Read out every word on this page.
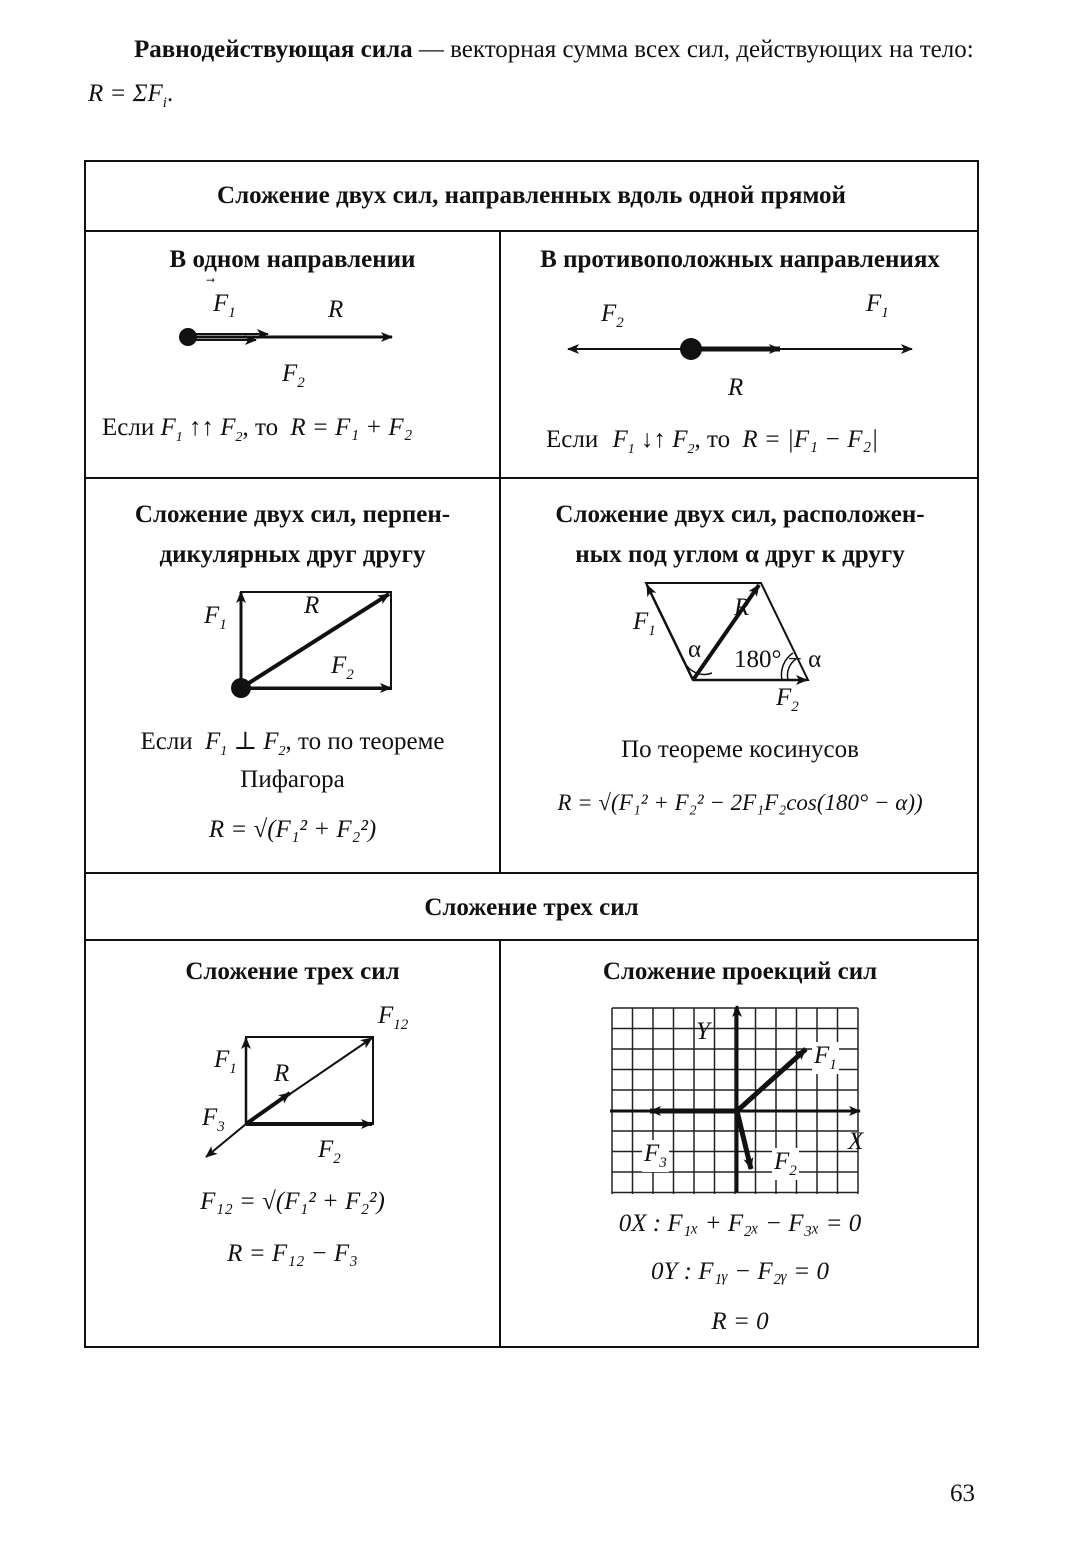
Равнодействующая сила — векторная сумма всех сил, действующих на тело: $R = \Sigma F_i$.
Сложение двух сил, направленных вдоль одной прямой
В одном направлении
$F_1$	R
$F_2$
Если $F_1$ ↑↑ $F_2$, то R = F₁ + F₂
В противоположных направлениях
$F_2$
$F_1$
R
Если $F_1$ ↓↑ $F_2$, то R = |F₁ − F₂|
Сложение двух сил, перпен-
дикулярных друг другу
$F_1$
R
$F_2$
Если $F_1$ ⊥ $F_2$, то по теореме
Пифагора
R = √(F₁² + F₂²)
Сложение двух сил, расположен-
ных под углом α друг к другу
$F_1$
R
α 180° − α
$F_2$
По теореме косинусов
R = √(F₁² + F₂² − 2F₁F₂cos(180° − α))
Сложение трех сил
Сложение трех сил
$F_{12}$
$F_1$ R
$F_3$
$F_2$
F₁₂ = √(F₁² + F₂²)
R = F₁₂ − F₃
Сложение проекций сил
Y
X
$F_1$
$F_2$
$F_3$
0X : F₁ₓ + F₂ₓ − F₃ₓ = 0
0Y : F₁ᵧ − F₂ᵧ = 0
R = 0
63
